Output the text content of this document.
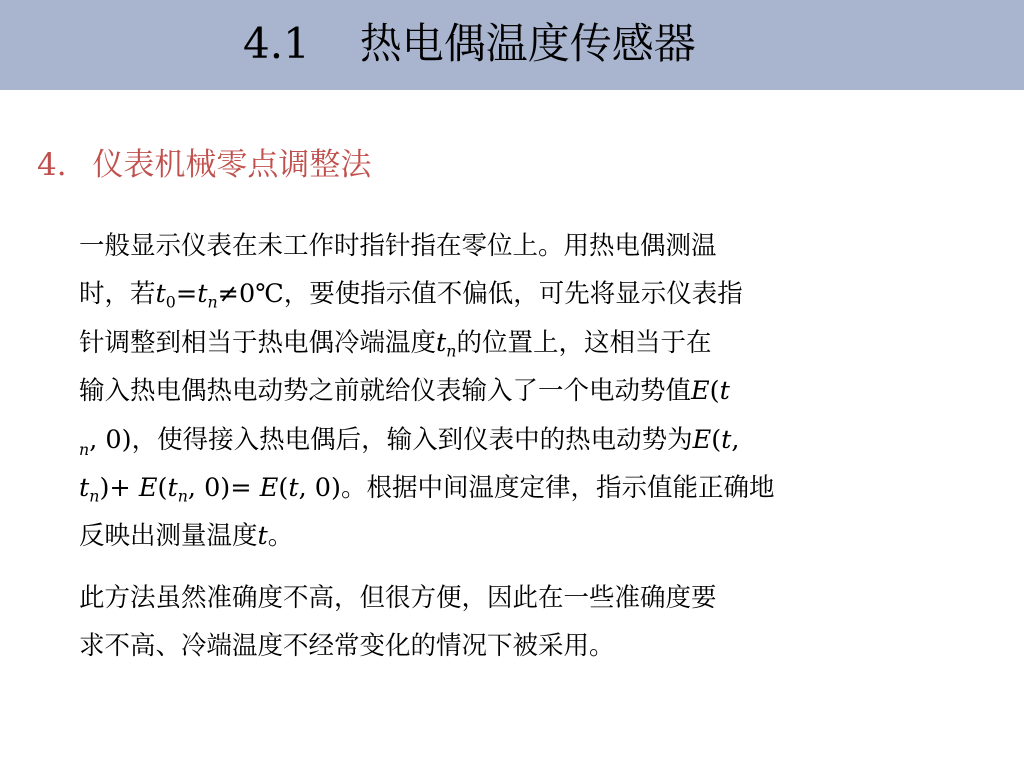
4.1 热电偶温度传感器
4. 仪表机械零点调整法
一般显示仪表在未工作时指针指在零位上。用热电偶测温
时，若$t_0=t_n\ne 0℃$，要使指示值不偏低，可先将显示仪表指
针调整到相当于热电偶冷端温度$t_n$的位置上，这相当于在
输入热电偶热电动势之前就给仪表输入了一个电动势值E(t
$_n$, 0)，使得接入热电偶后，输入到仪表中的热电动势为E(t,
$t_n)+ E(t_n$, 0)= E(t, 0)。根据中间温度定律，指示值能正确地
反映出测量温度t。
此方法虽然准确度不高，但很方便，因此在一些准确度要
求不高、冷端温度不经常变化的情况下被采用。
